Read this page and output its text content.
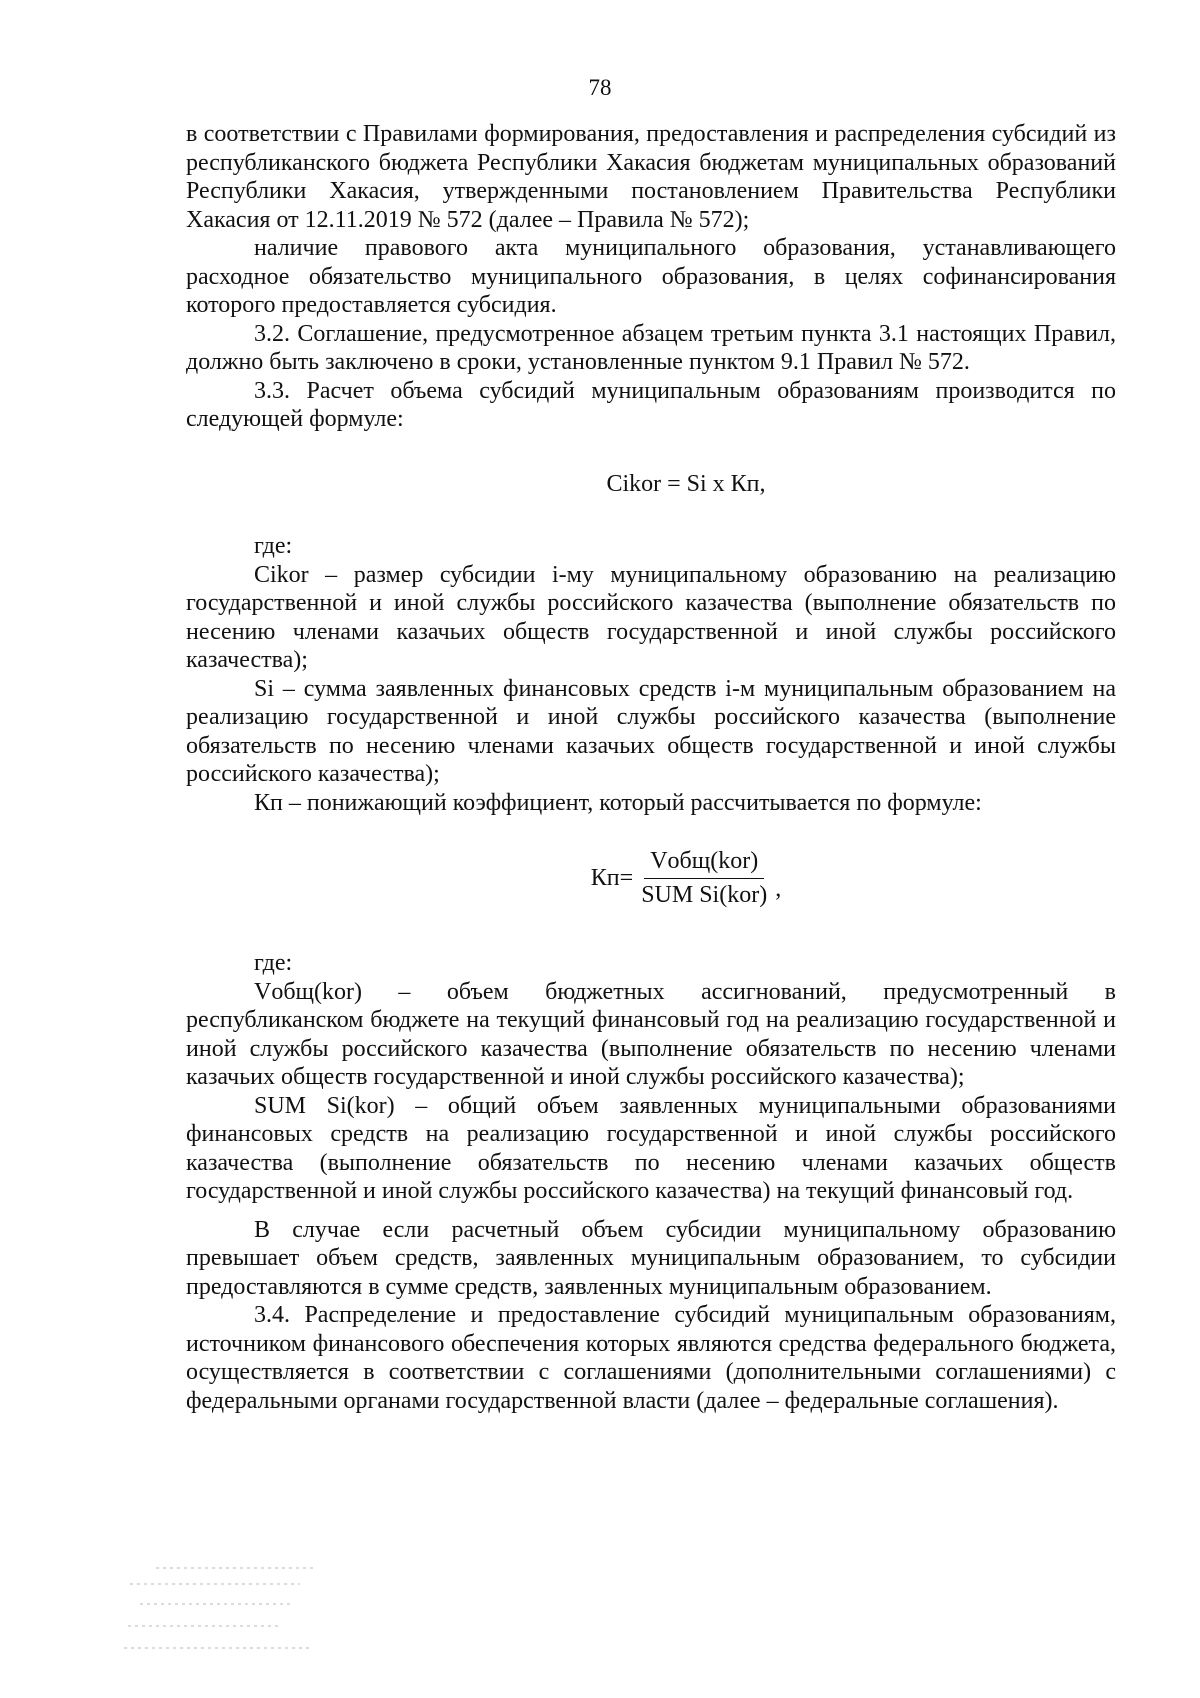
78

в соответствии с Правилами формирования, предоставления и распределения субсидий из республиканского бюджета Республики Хакасия бюджетам муниципальных образований Республики Хакасия, утвержденными постановлением Правительства Республики Хакасия от 12.11.2019 № 572 (далее – Правила № 572);

наличие правового акта муниципального образования, устанавливающего расходное обязательство муниципального образования, в целях софинансирования которого предоставляется субсидия.

3.2. Соглашение, предусмотренное абзацем третьим пункта 3.1 настоящих Правил, должно быть заключено в сроки, установленные пунктом 9.1 Правил № 572.

3.3. Расчет объема субсидий муниципальным образованиям производится по следующей формуле:

Cikor = Si x Кп,

где:

Cikor – размер субсидии i-му муниципальному образованию на реализацию государственной и иной службы российского казачества (выполнение обязательств по несению членами казачьих обществ государственной и иной службы российского казачества);

Si – сумма заявленных финансовых средств i-м муниципальным образованием на реализацию государственной и иной службы российского казачества (выполнение обязательств по несению членами казачьих обществ государственной и иной службы российского казачества);

Кп – понижающий коэффициент, который рассчитывается по формуле:

$Кп= \frac{\text{Vобщ(kor)}}{\text{SUM Si(kor)}}$ ,

где:

Vобщ(kor) – объем бюджетных ассигнований, предусмотренный в республиканском бюджете на текущий финансовый год на реализацию государственной и иной службы российского казачества (выполнение обязательств по несению членами казачьих обществ государственной и иной службы российского казачества);

SUM Si(kor) – общий объем заявленных муниципальными образованиями финансовых средств на реализацию государственной и иной службы российского казачества (выполнение обязательств по несению членами казачьих обществ государственной и иной службы российского казачества) на текущий финансовый год.

В случае если расчетный объем субсидии муниципальному образованию превышает объем средств, заявленных муниципальным образованием, то субсидии предоставляются в сумме средств, заявленных муниципальным образованием.

3.4. Распределение и предоставление субсидий муниципальным образованиям, источником финансового обеспечения которых являются средства федерального бюджета, осуществляется в соответствии с соглашениями (дополнительными соглашениями) с федеральными органами государственной власти (далее – федеральные соглашения).
